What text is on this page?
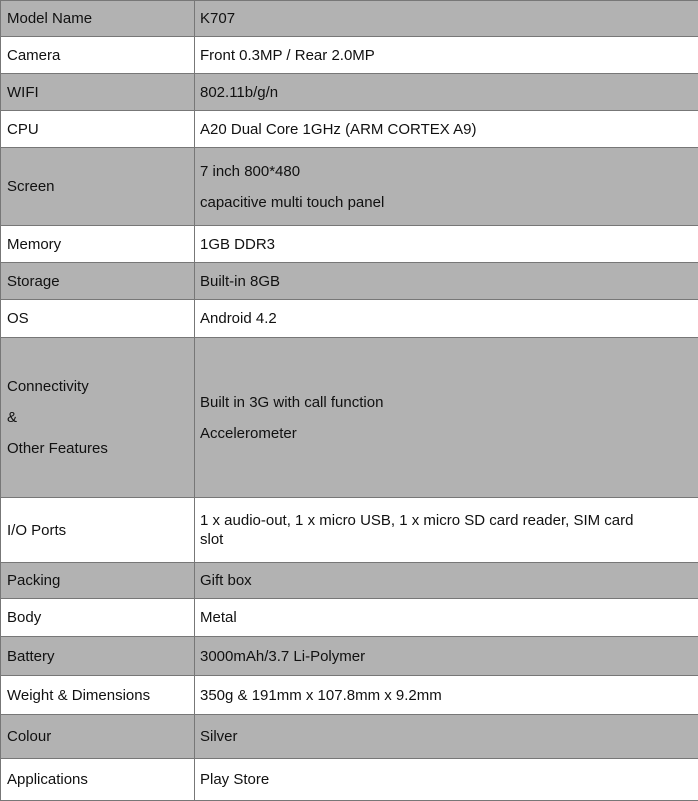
Model Name	K707

Camera	Front 0.3MP / Rear 2.0MP

WIFI	802.11b/g/n

CPU	A20 Dual Core 1GHz (ARM CORTEX A9)

Screen	7 inch 800*480
capacitive multi touch panel

Memory	1GB DDR3

Storage	Built-in 8GB

OS	Android 4.2

Connectivity
&
Other Features	Built in 3G with call function
Accelerometer

I/O Ports	1 x audio-out, 1 x micro USB, 1 x micro SD card reader, SIM card slot

Packing	Gift box

Body	Metal

Battery	3000mAh/3.7 Li-Polymer

Weight & Dimensions	350g & 191mm x 107.8mm x 9.2mm

Colour	Silver

Applications	Play Store
